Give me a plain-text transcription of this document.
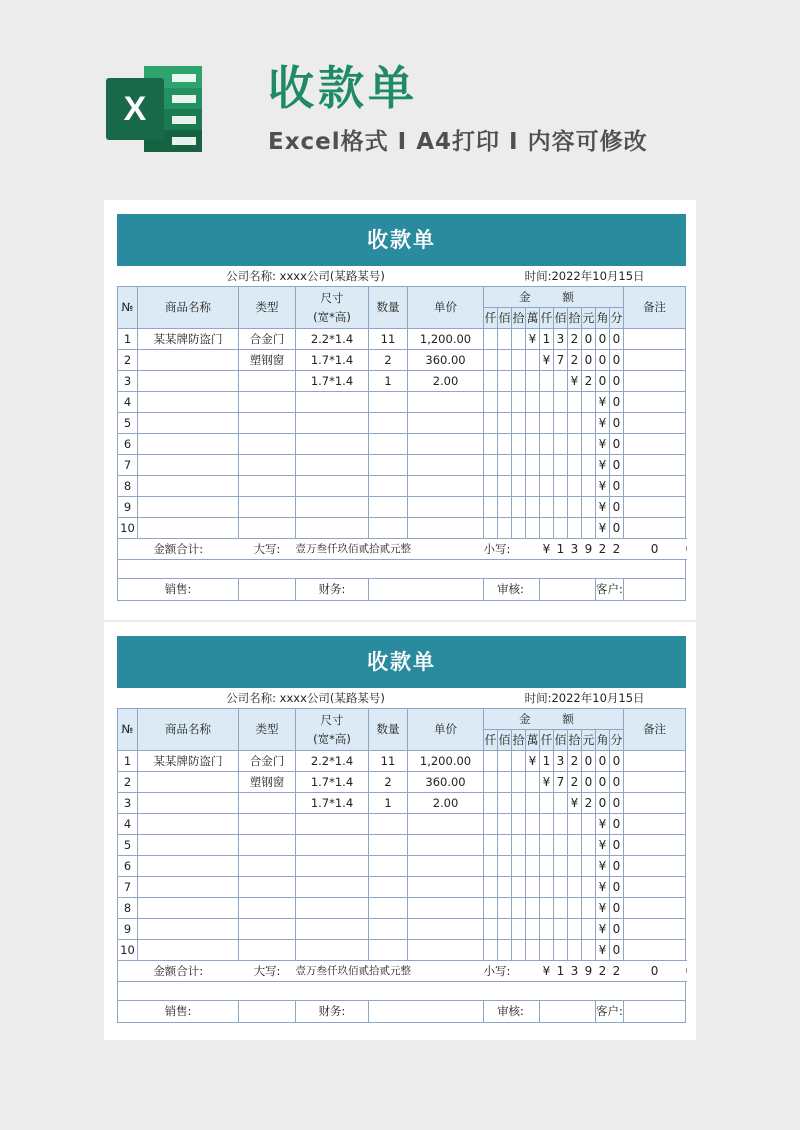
X	收款单
Excel格式 I A4打印 I 内容可修改
收款单																	
公司名称: xxxx公司(某路某号)						时间:2022年10月15日											
№	商品名称	类型	尺寸
(宽*高)	数量	单价	金 额										备注	
						仟	佰	拾	萬	仟	佰	拾	元	角	分		
1	某某牌防盗门	合金门	2.2*1.4	11	1,200.00				¥	1	3	2	0	0	0		
2		塑钢窗	1.7*1.4	2	360.00					¥	7	2	0	0	0		
3			1.7*1.4	1	2.00							¥	2	0	0		
4														¥	0		
5														¥	0		
6														¥	0		
7														¥	0		
8														¥	0		
9														¥	0		
10														¥	0		
金额合计:		大写:	壹万叁仟玖佰贰拾贰元整			小写:				¥	1	3	9	2	2	0		

销售:			财务:			审核:								客户:			
收款单																	
公司名称: xxxx公司(某路某号)						时间:2022年10月15日											
№	商品名称	类型	尺寸
(宽*高)	数量	单价	金 额										备注	
						仟	佰	拾	萬	仟	佰	拾	元	角	分		
1	某某牌防盗门	合金门	2.2*1.4	11	1,200.00				¥	1	3	2	0	0	0		
2		塑钢窗	1.7*1.4	2	360.00					¥	7	2	0	0	0		
3			1.7*1.4	1	2.00							¥	2	0	0		
4														¥	0		
5														¥	0		
6														¥	0		
7														¥	0		
8														¥	0		
9														¥	0		
10														¥	0		
金额合计:		大写:	壹万叁仟玖佰贰拾贰元整			小写:				¥	1	3	9	2	2	0		

销售:			财务:			审核:								客户:			
